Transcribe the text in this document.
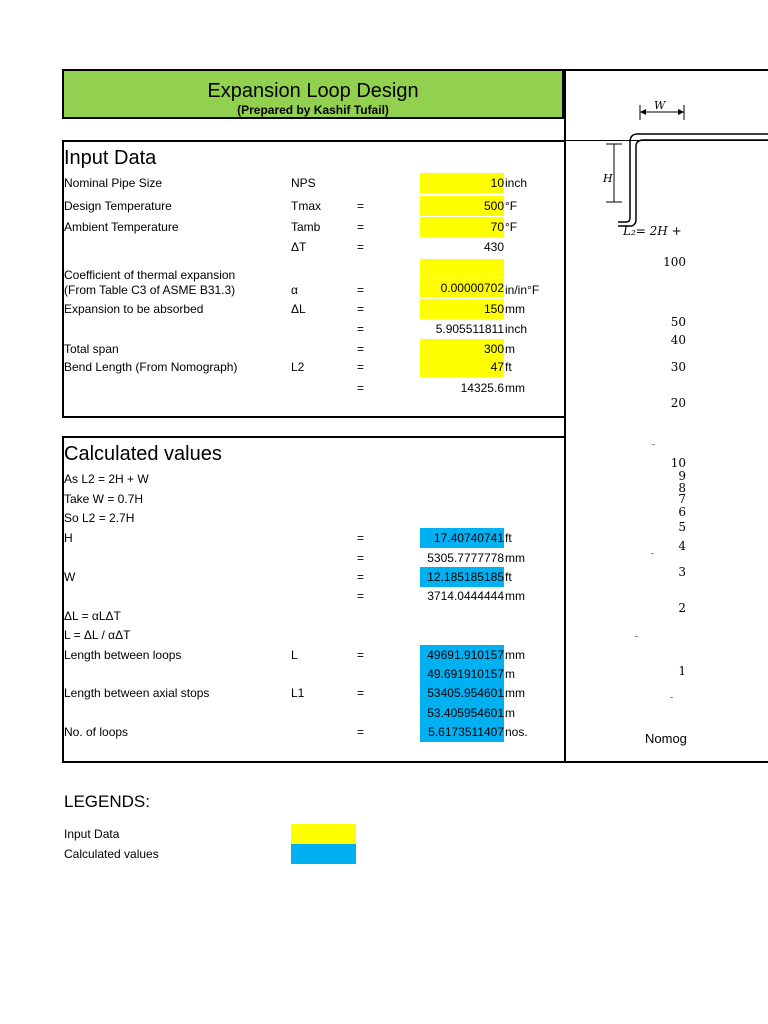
Expansion Loop Design
(Prepared by Kashif Tufail)
Input Data
Nominal Pipe Size	NPS	10 inch
Design Temperature	Tmax	=	500 °F
Ambient Temperature	Tamb	=	70 °F
ΔT	=	430
Coefficient of thermal expansion
(From Table C3 of ASME B31.3)	α	=	0.00000702 in/in°F
Expansion to be absorbed	ΔL	=	150 mm
=	5.905511811 inch
Total span	=	300 m
Bend Length (From Nomograph)	L2	=	47 ft
=	14325.6 mm
Calculated values
As L2 = 2H + W
Take W = 0.7H
So L2 = 2.7H
H	=	17.40740741 ft
=	5305.7777778 mm
W	=	12.185185185 ft
=	3714.0444444 mm
ΔL = αLΔT
L = ΔL / αΔT
Length between loops	L	=	49691.910157 mm
49.691910157 m
Length between axial stops	L1	=	53405.954601 mm
53.405954601 m
No. of loops	=	5.6173511407 nos.
W
H
L₂= 2H +
100
50
40
30
20
10
9
8
7
6
5
4
3
2
1
Nomog
LEGENDS:
Input Data
Calculated values
